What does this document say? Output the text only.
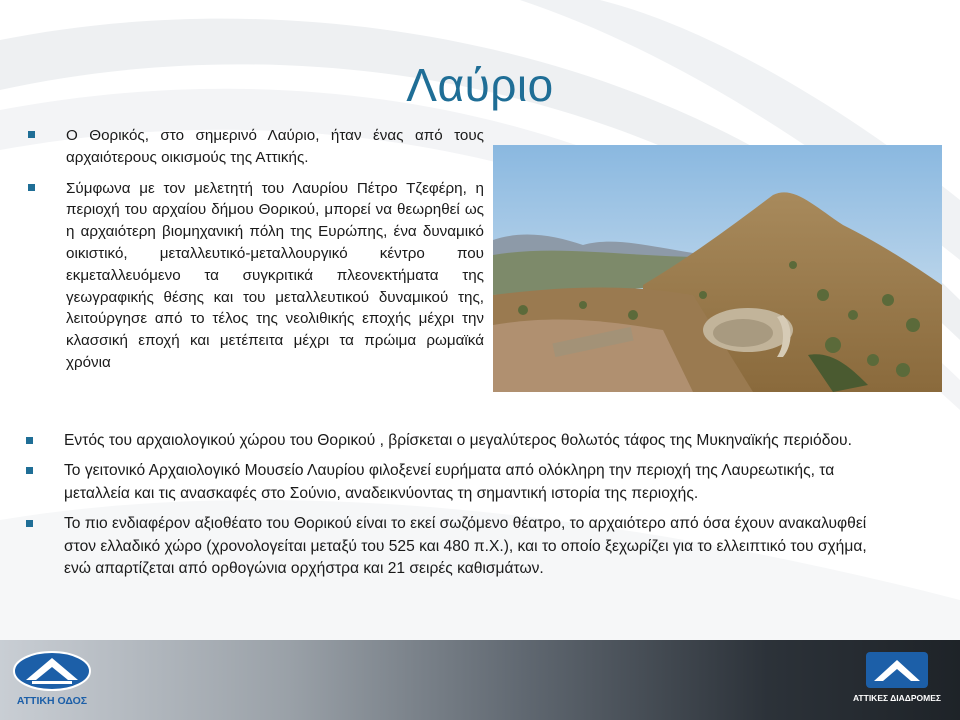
Λαύριο
Ο Θορικός, στο σημερινό Λαύριο, ήταν ένας από τους αρχαιότερους οικισμούς της Αττικής.
Σύμφωνα με τον μελετητή του Λαυρίου Πέτρο Τζεφέρη, η περιοχή του αρχαίου δήμου Θορικού, μπορεί να θεωρηθεί ως η αρχαιότερη βιομηχανική πόλη της Ευρώπης, ένα δυναμικό οικιστικό, μεταλλευτικό-μεταλλουργικό κέντρο που εκμεταλλευόμενο τα συγκριτικά πλεονεκτήματα της γεωγραφικής θέσης και του μεταλλευτικού δυναμικού της, λειτούργησε από το τέλος της νεολιθικής εποχής μέχρι την κλασσική εποχή και μετέπειτα μέχρι τα πρώιμα ρωμαϊκά χρόνια
Εντός του αρχαιολογικού χώρου του Θορικού , βρίσκεται ο μεγαλύτερος θολωτός τάφος της Μυκηναϊκής περιόδου.
Το γειτονικό Αρχαιολογικό Μουσείο Λαυρίου φιλοξενεί ευρήματα από ολόκληρη την περιοχή της Λαυρεωτικής, τα μεταλλεία και τις ανασκαφές στο Σούνιο, αναδεικνύοντας τη σημαντική ιστορία της περιοχής.
Το πιο ενδιαφέρον αξιοθέατο του Θορικού είναι το εκεί σωζόμενο θέατρο, το αρχαιότερο από όσα έχουν ανακαλυφθεί στον ελλαδικό χώρο (χρονολογείται μεταξύ του 525 και 480 π.Χ.), και το οποίο ξεχωρίζει για το ελλειπτικό του σχήμα, ενώ απαρτίζεται από ορθογώνια ορχήστρα και 21 σειρές καθισμάτων.
ΑΤΤΙΚΗ ΟΔΟΣ	ΑΤΤΙΚΕΣ ΔΙΑΔΡΟΜΕΣ
